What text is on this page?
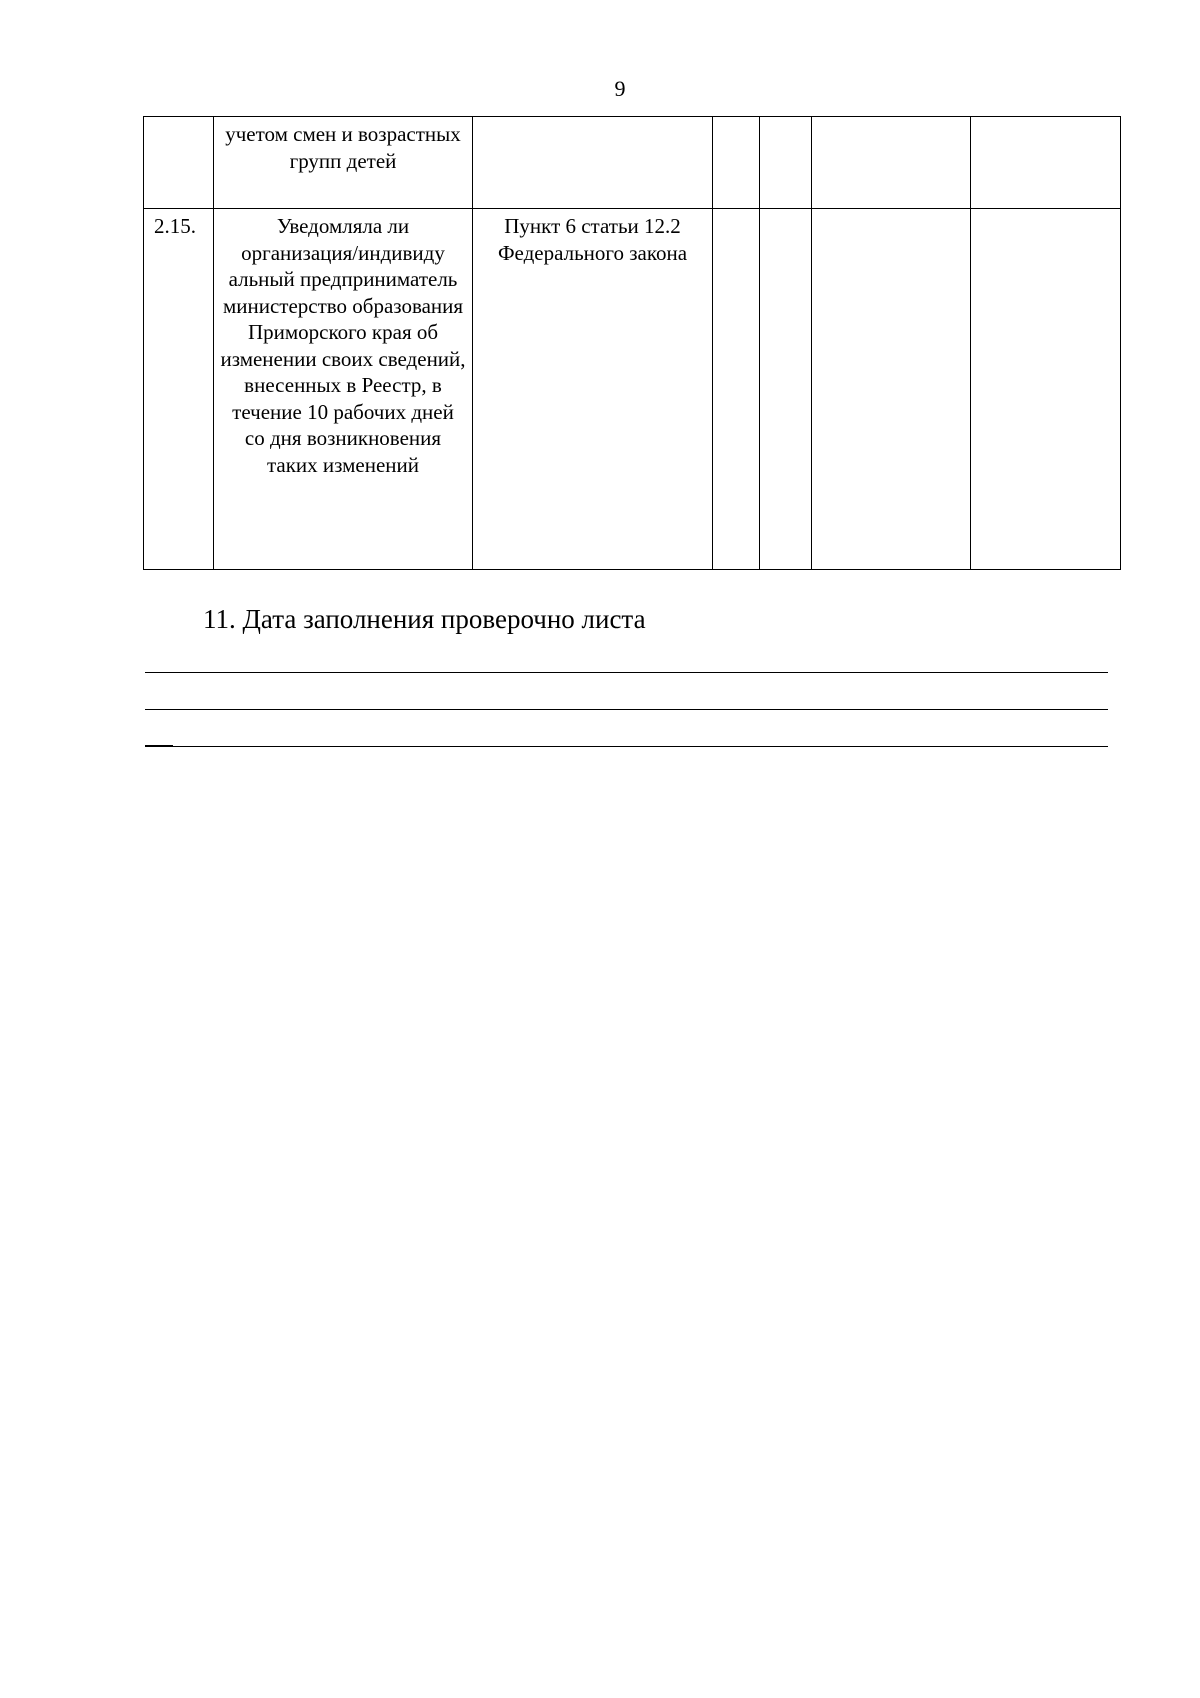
9
	учетом смен и возрастных групп детей					
2.15.	Уведомляла ли организация/индивиду альный предприниматель министерство образования Приморского края об изменении своих сведений, внесенных в Реестр, в течение 10 рабочих дней со дня возникновения таких изменений	Пункт 6 статьи 12.2 Федерального закона				
11. Дата заполнения проверочно листа
